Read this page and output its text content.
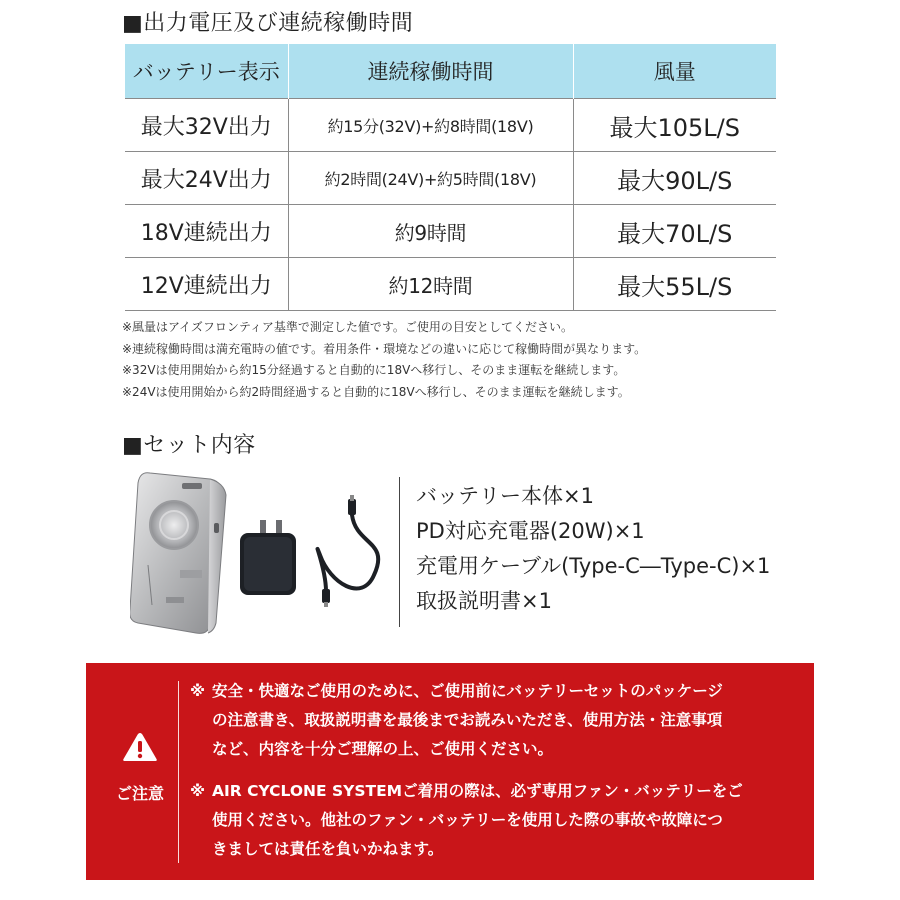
■出力電圧及び連続稼働時間
バッテリー表示	連続稼働時間	風量
最大32V出力	約15分(32V)+約8時間(18V)	最大105L/S
最大24V出力	約2時間(24V)+約5時間(18V)	最大90L/S
18V連続出力	約9時間	最大70L/S
12V連続出力	約12時間	最大55L/S
※風量はアイズフロンティア基準で測定した値です。ご使用の目安としてください。
※連続稼働時間は満充電時の値です。着用条件・環境などの違いに応じて稼働時間が異なります。
※32Vは使用開始から約15分経過すると自動的に18Vへ移行し、そのまま運転を継続します。
※24Vは使用開始から約2時間経過すると自動的に18Vへ移行し、そのまま運転を継続します。
■セット内容
バッテリー本体×1
PD対応充電器(20W)×1
充電用ケーブル(Type-C―Type-C)×1
取扱説明書×1
ご注意
※ 安全・快適なご使用のために、ご使用前にバッテリーセットのパッケージ
の注意書き、取扱説明書を最後までお読みいただき、使用方法・注意事項
など、内容を十分ご理解の上、ご使用ください。
※ AIR CYCLONE SYSTEMご着用の際は、必ず専用ファン・バッテリーをご
使用ください。他社のファン・バッテリーを使用した際の事故や故障につ
きましては責任を負いかねます。
